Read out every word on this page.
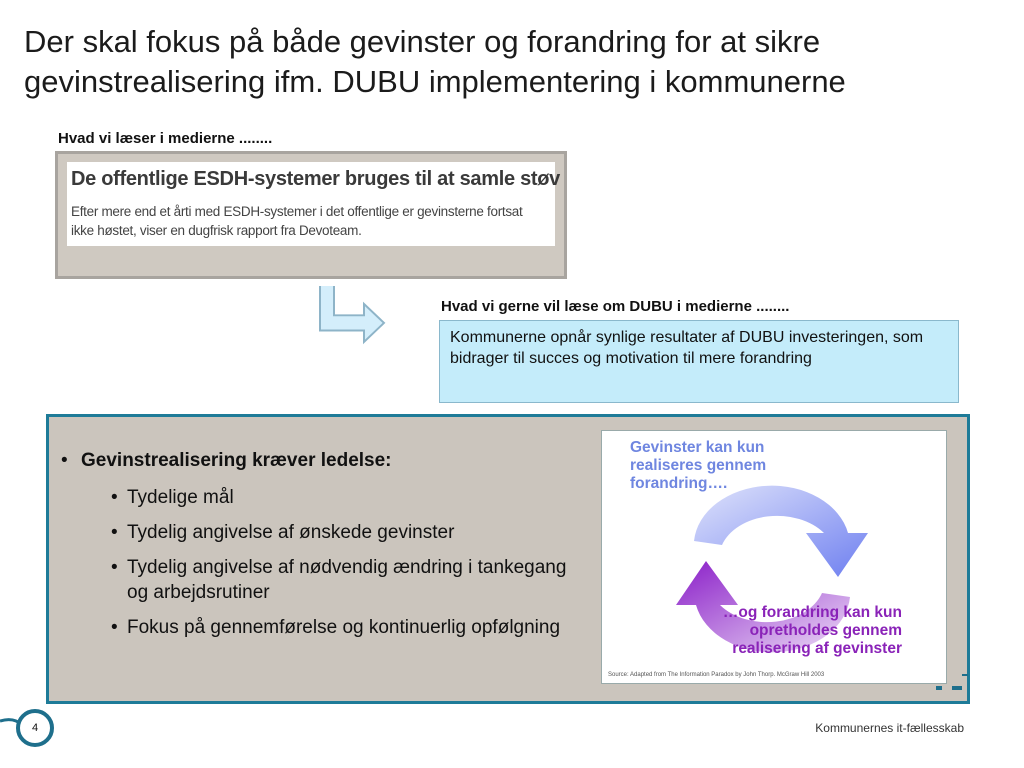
Der skal fokus på både gevinster og forandring for at sikre
gevinstrealisering ifm. DUBU implementering i kommunerne
Hvad vi læser i medierne ........
De offentlige ESDH-systemer bruges til at samle støv
Efter mere end et årti med ESDH-systemer i det offentlige er gevinsterne fortsat ikke høstet, viser en dugfrisk rapport fra Devoteam.
Hvad vi gerne vil læse om DUBU i medierne ........
Kommunerne opnår synlige resultater af DUBU investeringen, som bidrager til succes og motivation til mere forandring
• Gevinstrealisering kræver ledelse:
• Tydelige mål
• Tydelig angivelse af ønskede gevinster
• Tydelig angivelse af nødvendig ændring i tankegang og arbejdsrutiner
• Fokus på gennemførelse og kontinuerlig opfølgning
Gevinster kan kun
realiseres gennem
forandring….
…og forandring kan kun
opretholdes gennem
realisering af gevinster
Source: Adapted from The Information Paradox by John Thorp. McGraw Hill 2003
4	Kommunernes it-fællesskab
